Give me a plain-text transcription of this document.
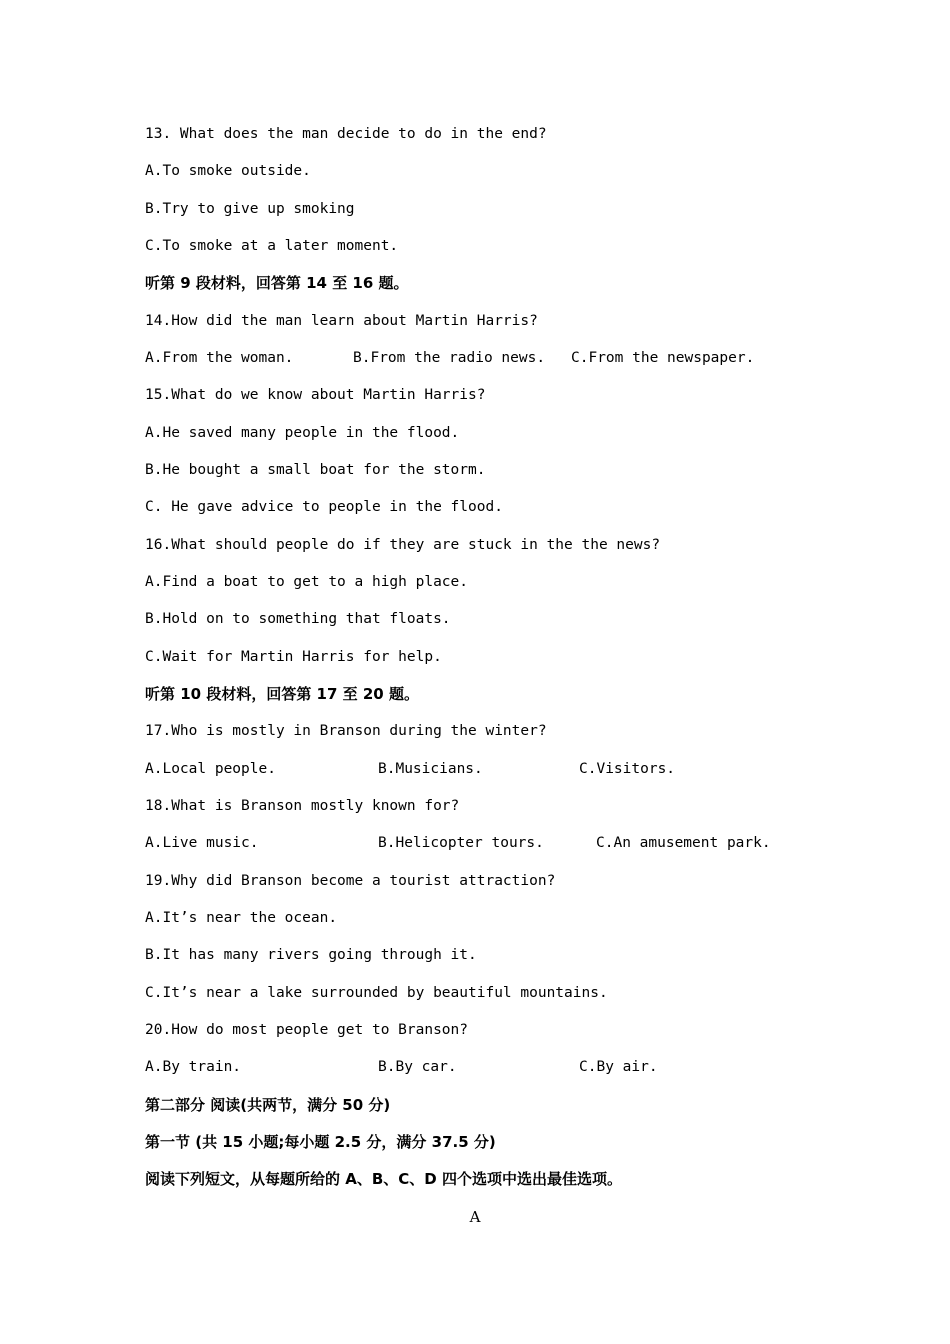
13. What does the man decide to do in the end?
A.To smoke outside.
B.Try to give up smoking
C.To smoke at a later moment.
听第 9 段材料，回答第 14 至 16 题。
14.How did the man learn about Martin Harris?
A.From the woman.	B.From the radio news. C.From the newspaper.
15.What do we know about Martin Harris?
A.He saved many people in the flood.
B.He bought a small boat for the storm.
C. He gave advice to people in the flood.
16.What should people do if they are stuck in the the news?
A.Find a boat to get to a high place.
B.Hold on to something that floats.
C.Wait for Martin Harris for help.
听第 10 段材料，回答第 17 至 20 题。
17.Who is mostly in Branson during the winter?
A.Local people.	B.Musicians.	C.Visitors.
18.What is Branson mostly known for?
A.Live music.	B.Helicopter tours.	C.An amusement park.
19.Why did Branson become a tourist attraction?
A.It’s near the ocean.
B.It has many rivers going through it.
C.It’s near a lake surrounded by beautiful mountains.
20.How do most people get to Branson?
A.By train.	B.By car.	C.By air.
第二部分 阅读(共两节，满分 50 分)
第一节 (共 15 小题;每小题 2.5 分，满分 37.5 分)
阅读下列短文，从每题所给的 A、B、C、D 四个选项中选出最佳选项。
A
